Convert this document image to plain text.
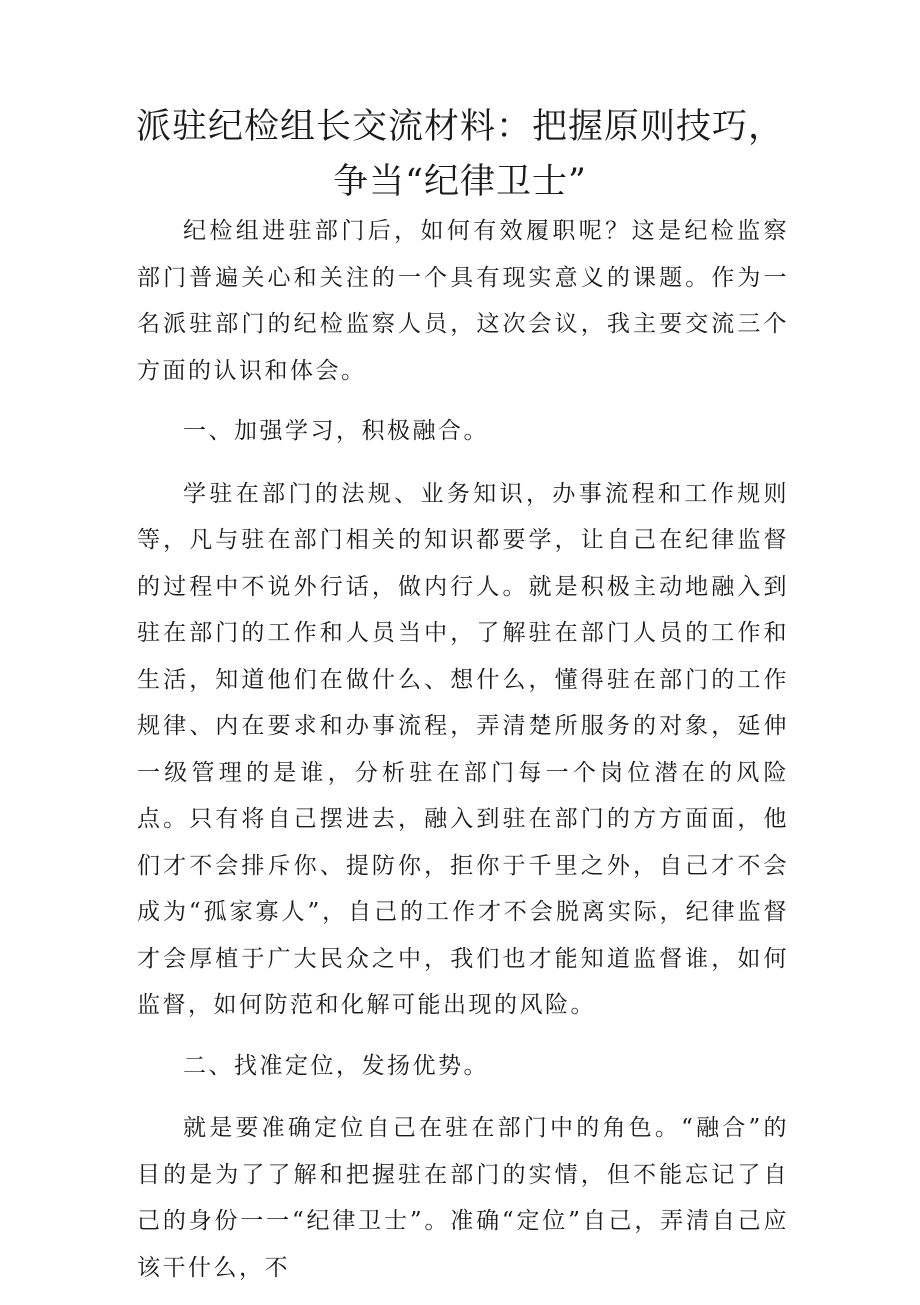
派驻纪检组长交流材料：把握原则技巧，争当“纪律卫士”

纪检组进驻部门后，如何有效履职呢？这是纪检监察部门普遍关心和关注的一个具有现实意义的课题。作为一名派驻部门的纪检监察人员，这次会议，我主要交流三个方面的认识和体会。

一、加强学习，积极融合。

学驻在部门的法规、业务知识，办事流程和工作规则等，凡与驻在部门相关的知识都要学，让自己在纪律监督的过程中不说外行话，做内行人。就是积极主动地融入到驻在部门的工作和人员当中，了解驻在部门人员的工作和生活，知道他们在做什么、想什么，懂得驻在部门的工作规律、内在要求和办事流程，弄清楚所服务的对象，延伸一级管理的是谁，分析驻在部门每一个岗位潜在的风险点。只有将自己摆进去，融入到驻在部门的方方面面，他们才不会排斥你、提防你，拒你于千里之外，自己才不会成为“孤家寡人”，自己的工作才不会脱离实际，纪律监督才会厚植于广大民众之中，我们也才能知道监督谁，如何监督，如何防范和化解可能出现的风险。

二、找准定位，发扬优势。

就是要准确定位自己在驻在部门中的角色。“融合”的目的是为了了解和把握驻在部门的实情，但不能忘记了自己的身份一一“纪律卫士”。准确“定位”自己，弄清自己应该干什么，不
